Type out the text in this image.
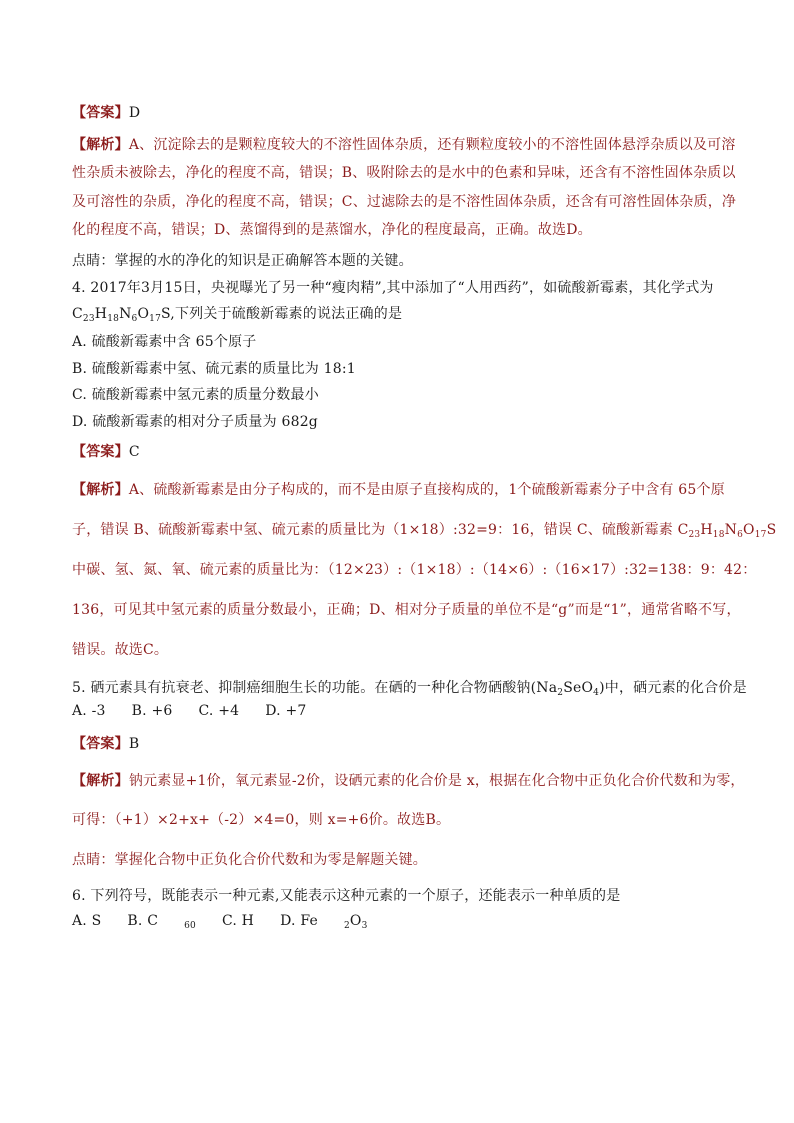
【答案】D
【解析】A、沉淀除去的是颗粒度较大的不溶性固体杂质，还有颗粒度较小的不溶性固体悬浮杂质以及可溶
性杂质未被除去，净化的程度不高，错误；B、吸附除去的是水中的色素和异味，还含有不溶性固体杂质以
及可溶性的杂质，净化的程度不高，错误；C、过滤除去的是不溶性固体杂质，还含有可溶性固体杂质，净
化的程度不高，错误；D、蒸馏得到的是蒸馏水，净化的程度最高，正确。故选D。
点睛：掌握的水的净化的知识是正确解答本题的关键。
4. 2017年3月15日，央视曝光了另一种“瘦肉精”,其中添加了“人用西药”，如硫酸新霉素，其化学式为
$C_{23}H_{18}N_6O_{17}S$,下列关于硫酸新霉素的说法正确的是
A. 硫酸新霉素中含 65个原子
B. 硫酸新霉素中氢、硫元素的质量比为 18:1
C. 硫酸新霉素中氢元素的质量分数最小
D. 硫酸新霉素的相对分子质量为 682g
【答案】C
【解析】A、硫酸新霉素是由分子构成的，而不是由原子直接构成的，1个硫酸新霉素分子中含有 65个原
子，错误 B、硫酸新霉素中氢、硫元素的质量比为（1×18）:32=9：16，错误 C、硫酸新霉素 $C_{23}H_{18}N_6O_{17}S$
中碳、氢、氮、氧、硫元素的质量比为：（12×23）:（1×18）:（14×6）:（16×17）:32=138：9：42：
136，可见其中氢元素的质量分数最小，正确；D、相对分子质量的单位不是“g”而是“1”，通常省略不写，
错误。故选C。
5. 硒元素具有抗衰老、抑制癌细胞生长的功能。在硒的一种化合物硒酸钠$(Na_2SeO_4)$中，硒元素的化合价是
A. -3 B. +6 C. +4 D. +7
【答案】B
【解析】钠元素显+1价，氧元素显-2价，设硒元素的化合价是 x，根据在化合物中正负化合价代数和为零，
可得：（+1）×2+x+（-2）×4=0，则 x=+6价。故选B。
点睛：掌握化合物中正负化合价代数和为零是解题关键。
6. 下列符号，既能表示一种元素,又能表示这种元素的一个原子，还能表示一种单质的是
A. S B. C	$_{60}$ C. H D. Fe	$_2O_3$
